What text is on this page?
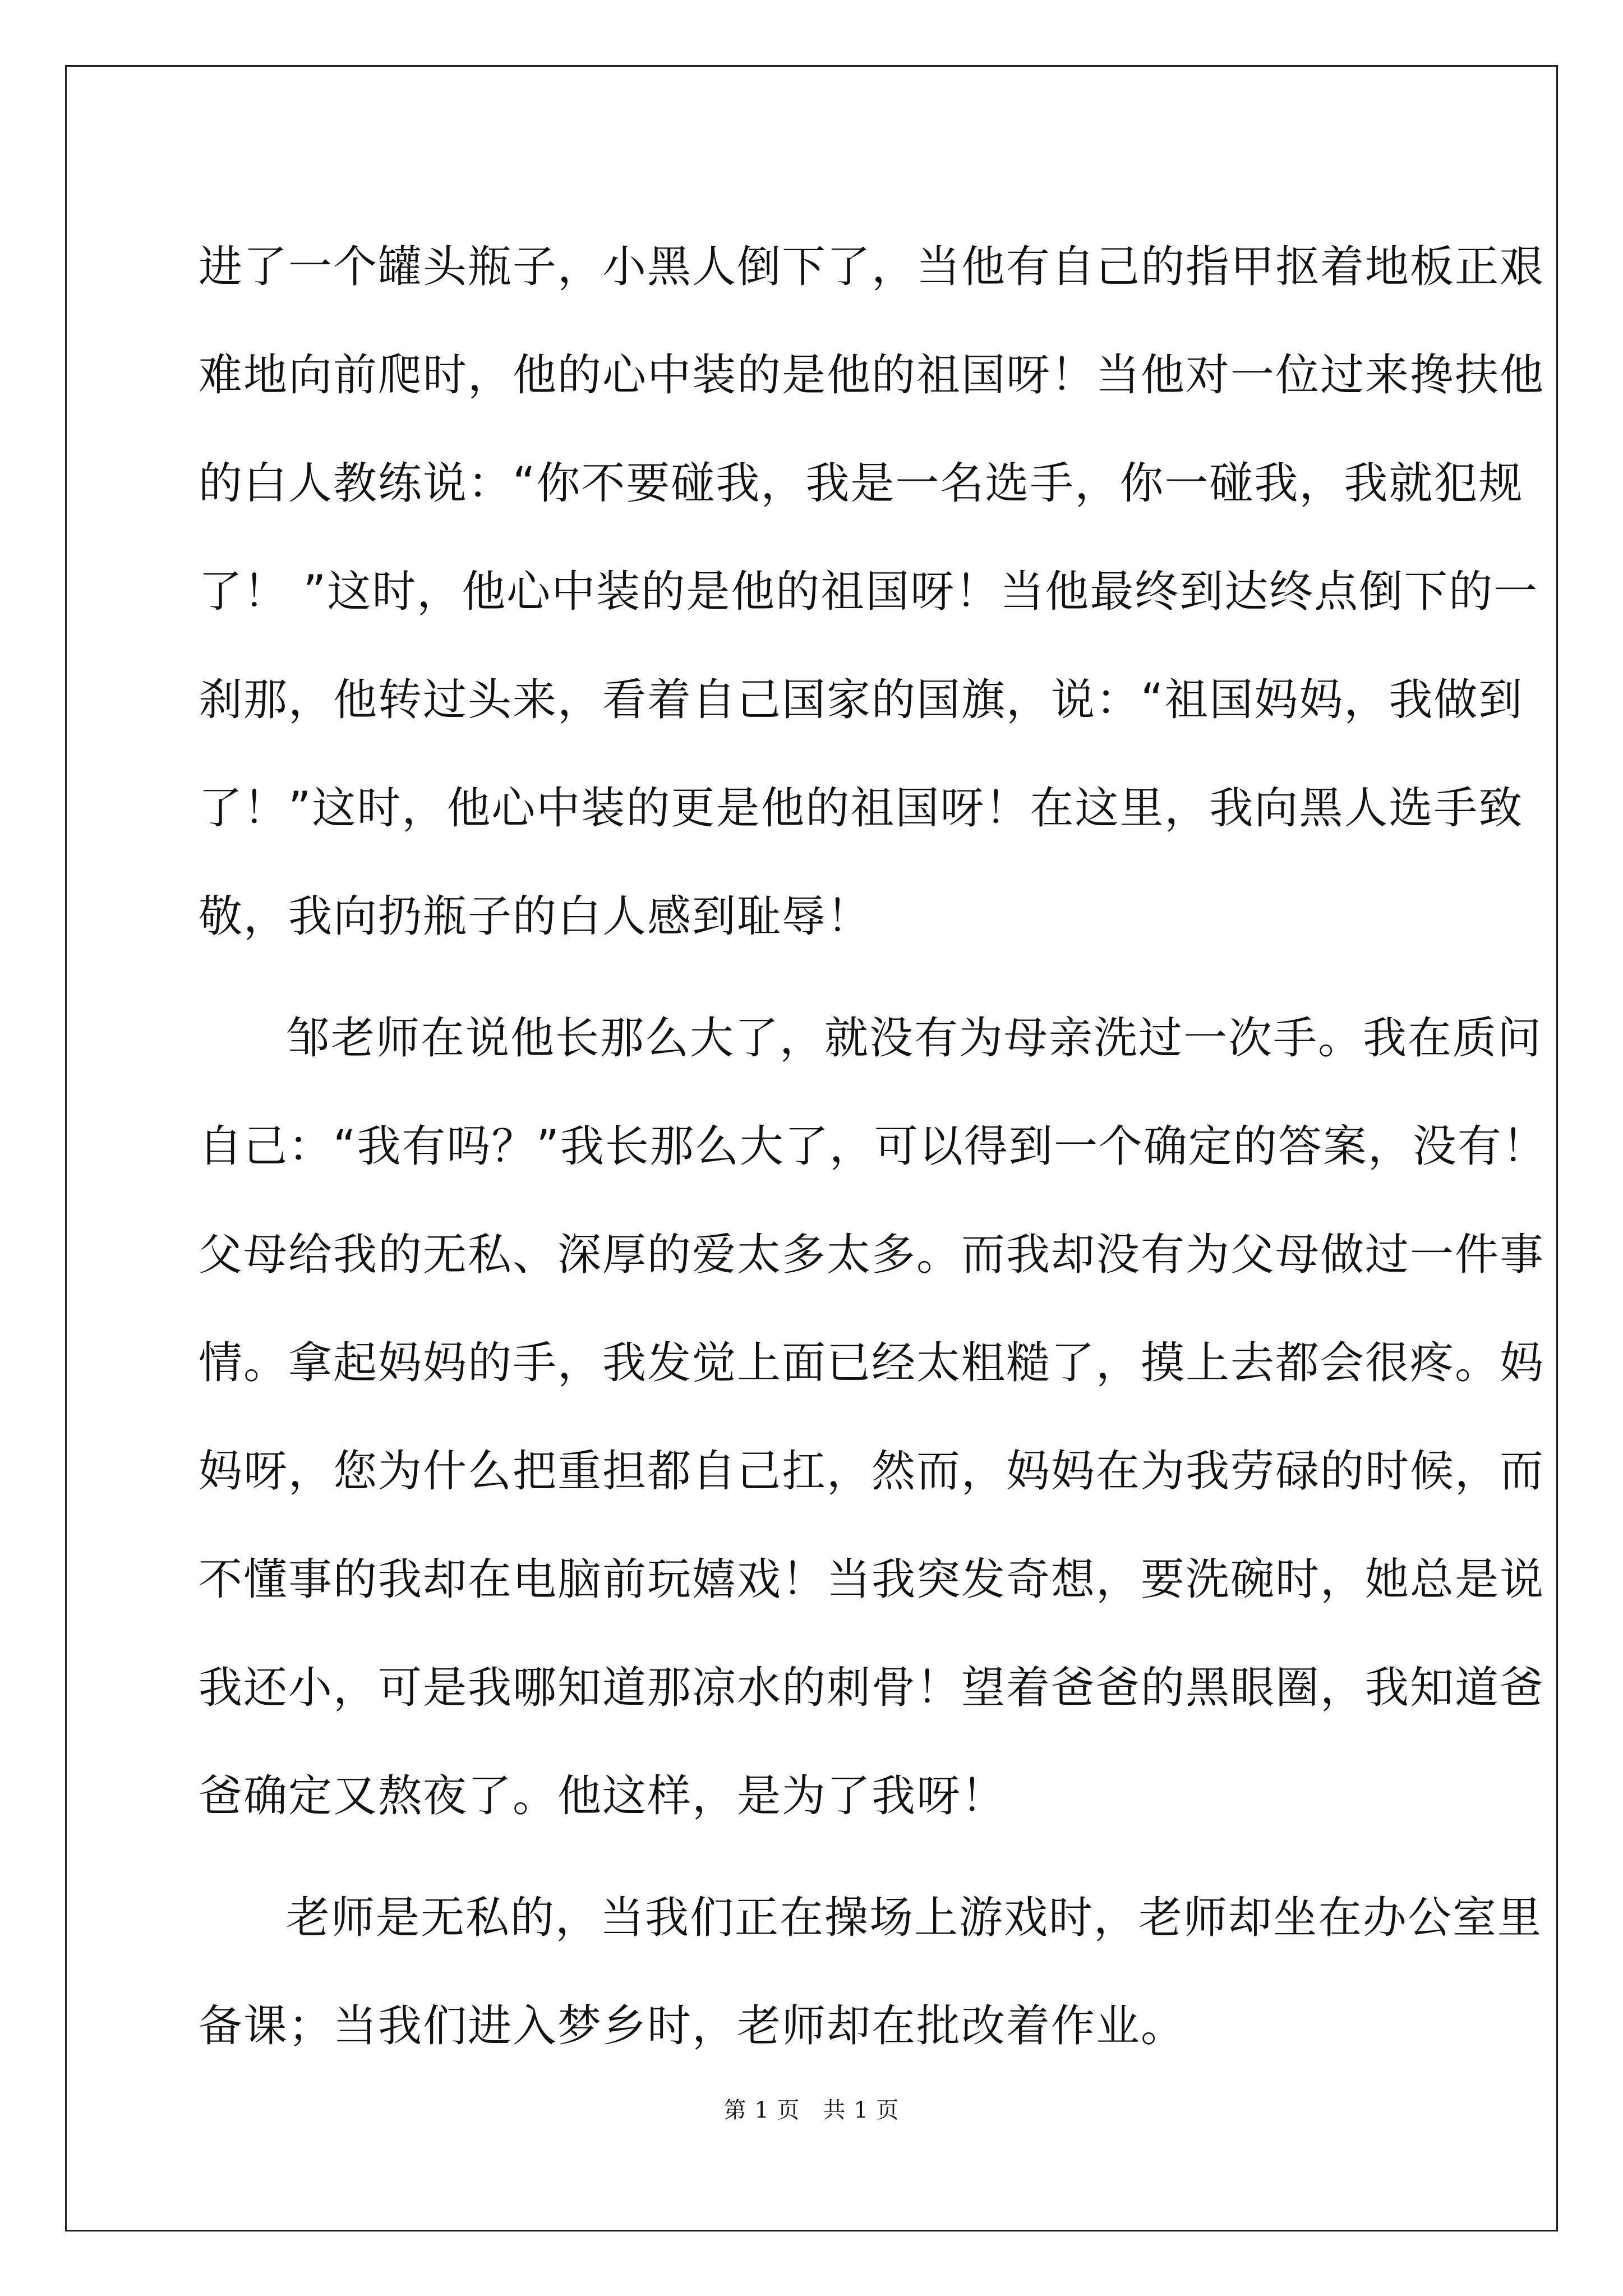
进了一个罐头瓶子，小黑人倒下了，当他有自己的指甲抠着地板正艰
难地向前爬时，他的心中装的是他的祖国呀！当他对一位过来搀扶他
的白人教练说：“你不要碰我，我是一名选手，你一碰我，我就犯规
了！ ”这时，他心中装的是他的祖国呀！当他最终到达终点倒下的一
刹那，他转过头来，看着自己国家的国旗，说：“祖国妈妈，我做到
了！”这时，他心中装的更是他的祖国呀！在这里，我向黑人选手致
敬，我向扔瓶子的白人感到耻辱！

邹老师在说他长那么大了，就没有为母亲洗过一次手。我在质问
自己：“我有吗？”我长那么大了，可以得到一个确定的答案，没有！
父母给我的无私、深厚的爱太多太多。而我却没有为父母做过一件事
情。拿起妈妈的手，我发觉上面已经太粗糙了，摸上去都会很疼。妈
妈呀，您为什么把重担都自己扛，然而，妈妈在为我劳碌的时候，而
不懂事的我却在电脑前玩嬉戏！当我突发奇想，要洗碗时，她总是说
我还小，可是我哪知道那凉水的刺骨！望着爸爸的黑眼圈，我知道爸
爸确定又熬夜了。他这样，是为了我呀！

老师是无私的，当我们正在操场上游戏时，老师却坐在办公室里
备课；当我们进入梦乡时，老师却在批改着作业。

第 1 页　共 1 页
